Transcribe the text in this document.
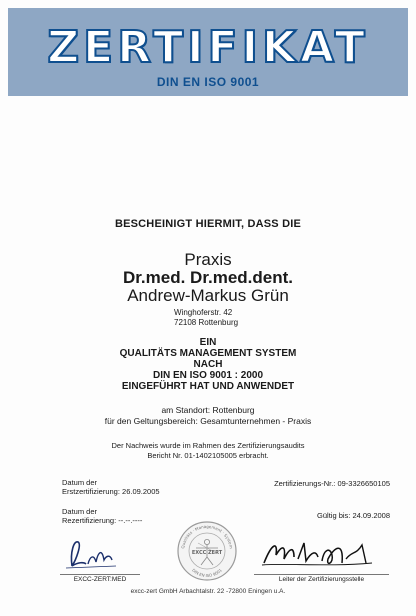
ZERTIFIKAT
DIN EN ISO 9001
BESCHEINIGT HIERMIT, DASS DIE
Praxis
Dr.med. Dr.med.dent.
Andrew-Markus Grün
Winghoferstr. 42
72108 Rottenburg
EIN
QUALITÄTS MANAGEMENT SYSTEM
NACH
DIN EN ISO 9001 : 2000
EINGEFÜHRT HAT UND ANWENDET
am Standort: Rottenburg
für den Geltungsbereich: Gesamtunternehmen - Praxis
Der Nachweis wurde im Rahmen des Zertifizierungsaudits
Bericht Nr. 01-1402105005 erbracht.
Datum der
Erstzertifizierung: 26.09.2005
Datum der
Rezertifizierung: --.--.----
Zertifizierungs-Nr.: 09-3326650105
Gültig bis: 24.09.2008
EXCC-ZERT:MED
Qualitäts · Management · System
DIN EN ISO 9001
EXCC ZERT
Leiter der Zertifizierungsstelle
excc-zert GmbH Arbachtalstr. 22 -72800 Eningen u.A.
